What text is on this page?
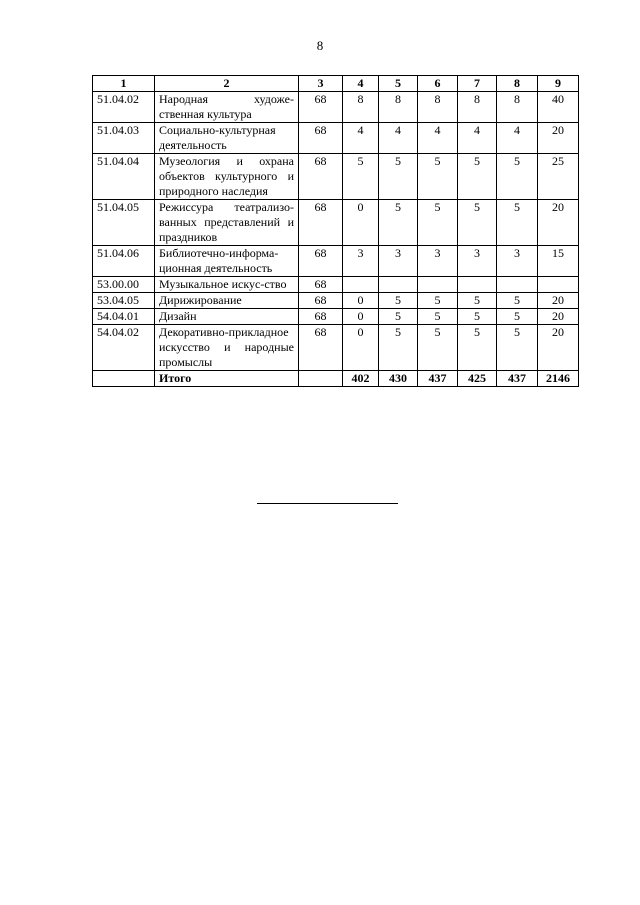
8
1	2	3	4	5	6	7	8	9
51.04.02	Народная художе-ственная культура	68	8	8	8	8	8	40
51.04.03	Социально-культурная деятельность	68	4	4	4	4	4	20
51.04.04	Музеология и охрана объектов культурного и природного наследия	68	5	5	5	5	5	25
51.04.05	Режиссура театрализо-ванных представлений и праздников	68	0	5	5	5	5	20
51.04.06	Библиотечно-информа-ционная деятельность	68	3	3	3	3	3	15
53.00.00	Музыкальное искус-ство	68						
53.04.05	Дирижирование	68	0	5	5	5	5	20
54.04.01	Дизайн	68	0	5	5	5	5	20
54.04.02	Декоративно-прикладное искусство и народные промыслы	68	0	5	5	5	5	20
	Итого		402	430	437	425	437	2146
